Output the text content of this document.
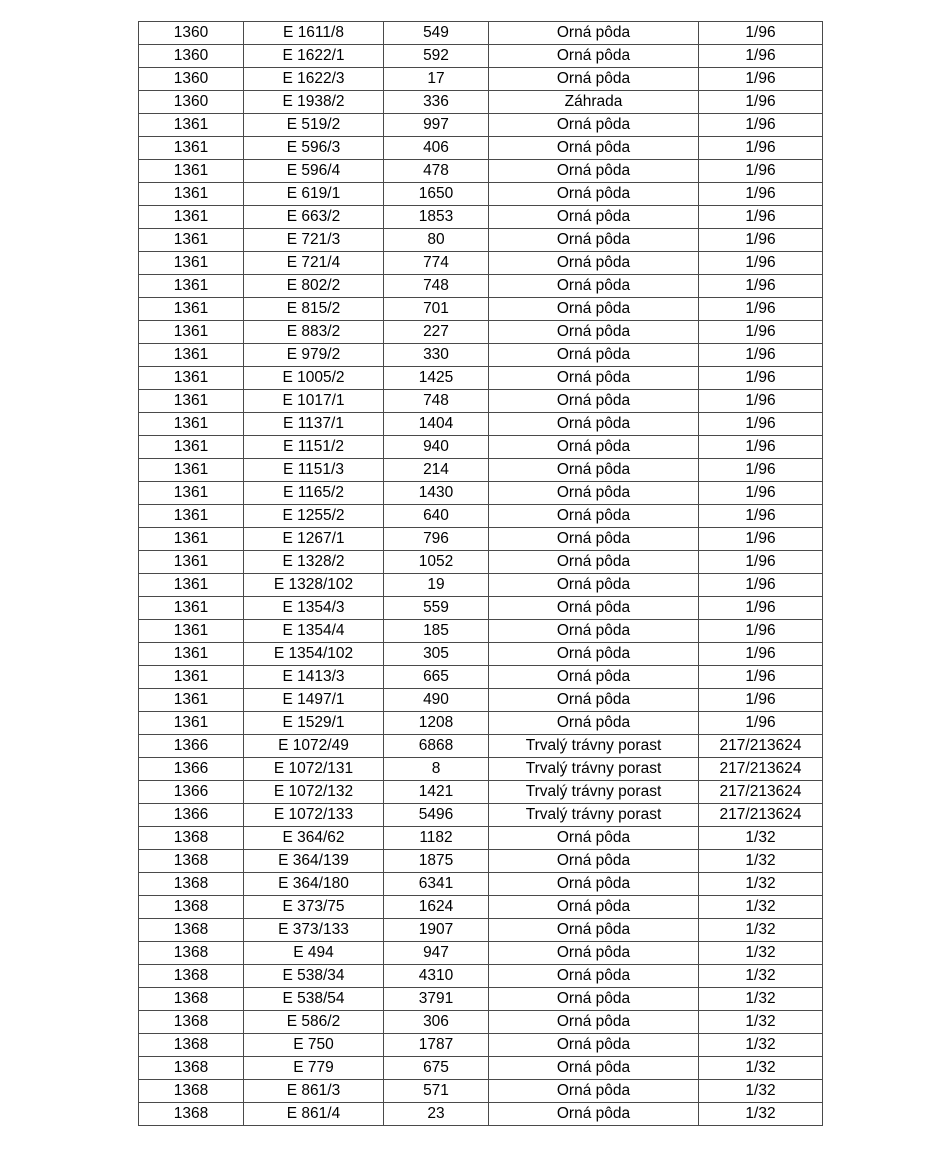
1360	E 1611/8	549	Orná pôda	1/96
1360	E 1622/1	592	Orná pôda	1/96
1360	E 1622/3	17	Orná pôda	1/96
1360	E 1938/2	336	Záhrada	1/96
1361	E 519/2	997	Orná pôda	1/96
1361	E 596/3	406	Orná pôda	1/96
1361	E 596/4	478	Orná pôda	1/96
1361	E 619/1	1650	Orná pôda	1/96
1361	E 663/2	1853	Orná pôda	1/96
1361	E 721/3	80	Orná pôda	1/96
1361	E 721/4	774	Orná pôda	1/96
1361	E 802/2	748	Orná pôda	1/96
1361	E 815/2	701	Orná pôda	1/96
1361	E 883/2	227	Orná pôda	1/96
1361	E 979/2	330	Orná pôda	1/96
1361	E 1005/2	1425	Orná pôda	1/96
1361	E 1017/1	748	Orná pôda	1/96
1361	E 1137/1	1404	Orná pôda	1/96
1361	E 1151/2	940	Orná pôda	1/96
1361	E 1151/3	214	Orná pôda	1/96
1361	E 1165/2	1430	Orná pôda	1/96
1361	E 1255/2	640	Orná pôda	1/96
1361	E 1267/1	796	Orná pôda	1/96
1361	E 1328/2	1052	Orná pôda	1/96
1361	E 1328/102	19	Orná pôda	1/96
1361	E 1354/3	559	Orná pôda	1/96
1361	E 1354/4	185	Orná pôda	1/96
1361	E 1354/102	305	Orná pôda	1/96
1361	E 1413/3	665	Orná pôda	1/96
1361	E 1497/1	490	Orná pôda	1/96
1361	E 1529/1	1208	Orná pôda	1/96
1366	E 1072/49	6868	Trvalý trávny porast	217/213624
1366	E 1072/131	8	Trvalý trávny porast	217/213624
1366	E 1072/132	1421	Trvalý trávny porast	217/213624
1366	E 1072/133	5496	Trvalý trávny porast	217/213624
1368	E 364/62	1182	Orná pôda	1/32
1368	E 364/139	1875	Orná pôda	1/32
1368	E 364/180	6341	Orná pôda	1/32
1368	E 373/75	1624	Orná pôda	1/32
1368	E 373/133	1907	Orná pôda	1/32
1368	E 494	947	Orná pôda	1/32
1368	E 538/34	4310	Orná pôda	1/32
1368	E 538/54	3791	Orná pôda	1/32
1368	E 586/2	306	Orná pôda	1/32
1368	E 750	1787	Orná pôda	1/32
1368	E 779	675	Orná pôda	1/32
1368	E 861/3	571	Orná pôda	1/32
1368	E 861/4	23	Orná pôda	1/32
